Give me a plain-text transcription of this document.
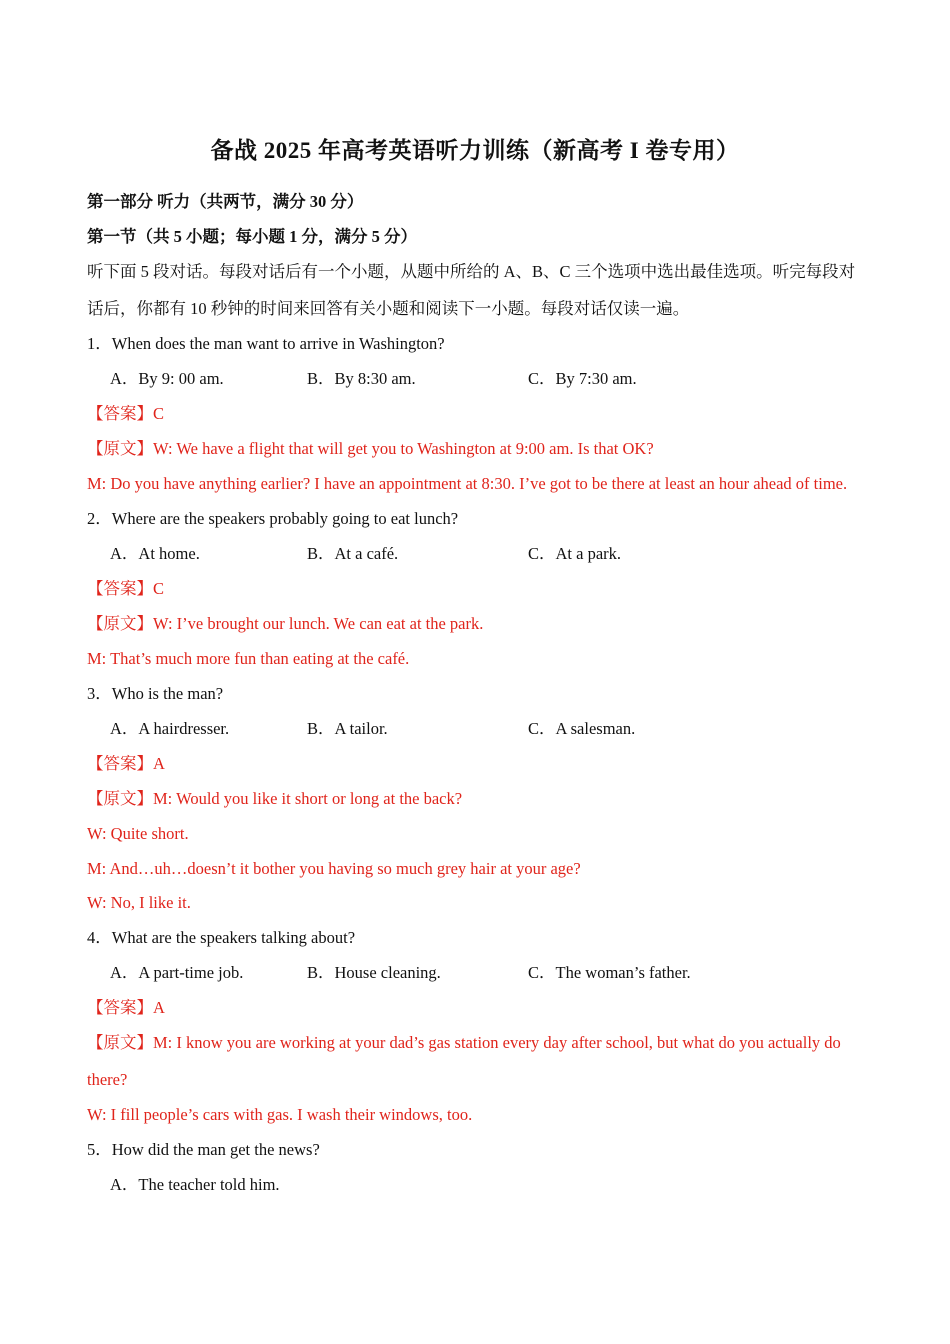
备战 2025 年高考英语听力训练（新高考 I 卷专用）
第一部分 听力（共两节，满分 30 分）
第一节（共 5 小题；每小题 1 分，满分 5 分）
听下面 5 段对话。每段对话后有一个小题，从题中所给的 A、B、C 三个选项中选出最佳选项。听完每段对
话后，你都有 10 秒钟的时间来回答有关小题和阅读下一小题。每段对话仅读一遍。
1．When does the man want to arrive in Washington?
A．By 9: 00 am.	B．By 8:30 am.	C．By 7:30 am.
【答案】C
【原文】W: We have a flight that will get you to Washington at 9:00 am. Is that OK?
M: Do you have anything earlier? I have an appointment at 8:30. I’ve got to be there at least an hour ahead of time.
2．Where are the speakers probably going to eat lunch?
A．At home.	B．At a café.	C．At a park.
【答案】C
【原文】W: I’ve brought our lunch. We can eat at the park.
M: That’s much more fun than eating at the café.
3．Who is the man?
A．A hairdresser.	B．A tailor.	C．A salesman.
【答案】A
【原文】M: Would you like it short or long at the back?
W: Quite short.
M: And…uh…doesn’t it bother you having so much grey hair at your age?
W: No, I like it.
4．What are the speakers talking about?
A．A part-time job.	B．House cleaning.	C．The woman’s father.
【答案】A
【原文】M: I know you are working at your dad’s gas station every day after school, but what do you actually do
there?
W: I fill people’s cars with gas. I wash their windows, too.
5．How did the man get the news?
A．The teacher told him.
